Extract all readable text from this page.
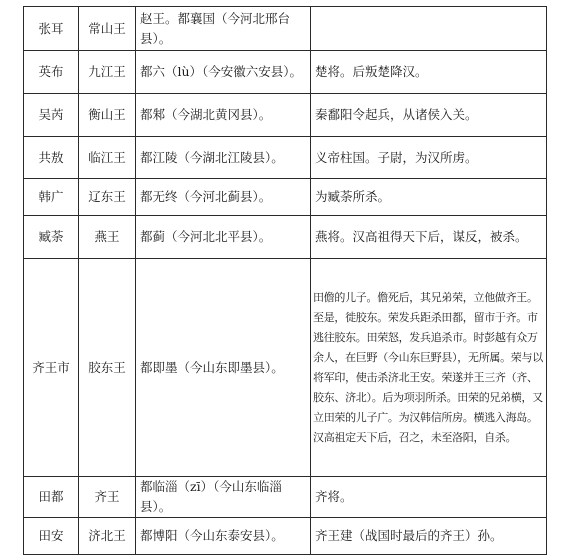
张耳	常山王	赵王。都襄国（今河北邢台县）。	
英布	九江王	都六（lù）（今安徽六安县）。	楚将。后叛楚降汉。
吴芮	衡山王	都邾（今湖北黄冈县）。	秦鄱阳令起兵，从诸侯入关。
共敖	临江王	都江陵（今湖北江陵县）。	义帝柱国。子尉，为汉所虏。
韩广	辽东王	都无终（今河北蓟县）。	为臧荼所杀。
臧荼	燕王	都蓟（今河北北平县）。	燕将。汉高祖得天下后，谋反，被杀。
齐王市	胶东王	都即墨（今山东即墨县）。	田儋的儿子。儋死后，其兄弟荣，立他做齐王。至是，徙胶东。荣发兵距杀田都，留市于齐。市逃往胶东。田荣怒，发兵追杀市。时彭越有众万余人，在巨野（今山东巨野县），无所属。荣与以将军印，使击杀济北王安。荣遂并王三齐（齐、胶东、济北）。后为项羽所杀。田荣的兄弟横，又立田荣的儿子广。为汉韩信所房。横逃入海岛。汉高祖定天下后，召之，未至洛阳，自杀。
田都	齐王	都临淄（zī）（今山东临淄县）。	齐将。
田安	济北王	都博阳（今山东泰安县）。	齐王建（战国时最后的齐王）孙。
